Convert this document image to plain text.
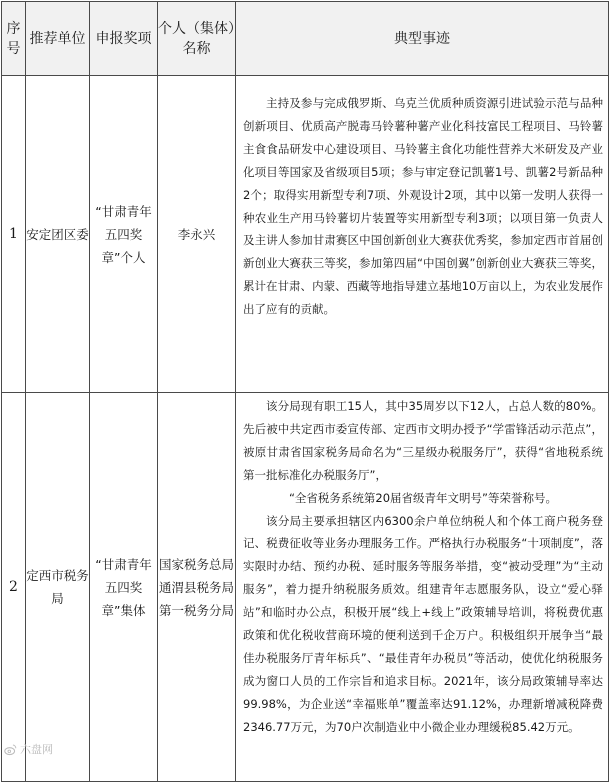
序号	推荐单位	申报奖项	个人（集体）名称	典型事迹
1	安定团区委	“甘肃青年五四奖章”个人	李永兴	主持及参与完成俄罗斯、乌克兰优质种质资源引进试验示范与品种创新项目、优质高产脱毒马铃薯种薯产业化科技富民工程项目、马铃薯主食食品研发中心建设项目、马铃薯主食化功能性营养大米研发及产业化项目等国家及省级项目5项；参与审定登记凯薯1号、凯薯2号新品种2个；取得实用新型专利7项、外观设计2项，其中以第一发明人获得一种农业生产用马铃薯切片装置等实用新型专利3项；以项目第一负责人及主讲人参加甘肃赛区中国创新创业大赛获优秀奖，参加定西市首届创新创业大赛获三等奖，参加第四届“中国创翼”创新创业大赛获三等奖，累计在甘肃、内蒙、西藏等地指导建立基地10万亩以上，为农业发展作出了应有的贡献。

2	定西市税务局	“甘肃青年五四奖章”集体	国家税务总局通渭县税务局第一税务分局	该分局现有职工15人，其中35周岁以下12人，占总人数的80%。先后被中共定西市委宣传部、定西市文明办授予“学雷锋活动示范点”，被原甘肃省国家税务局命名为“三星级办税服务厅”，获得“省地税系统第一批标准化办税服务厅”，
“全省税务系统第20届省级青年文明号”等荣誉称号。
该分局主要承担辖区内6300余户单位纳税人和个体工商户税务登记、税费征收等业务办理服务工作。严格执行办税服务“十项制度”，落实限时办结、预约办税、延时服务等服务举措，变“被动受理”为“主动服务”，着力提升纳税服务质效。组建青年志愿服务队，设立“爱心驿站”和临时办公点，积极开展“线上+线上”政策辅导培训，将税费优惠政策和优化税收营商环境的便利送到千企万户。积极组织开展争当“最佳办税服务厅青年标兵”、“最佳青年办税员”等活动，使优化纳税服务成为窗口人员的工作宗旨和追求目标。2021年，该分局政策辅导率达99.98%，为企业送“幸福账单”覆盖率达91.12%，办理新增减税降费2346.77万元，为70户次制造业中小微企业办理缓税85.42万元。
六盘网
